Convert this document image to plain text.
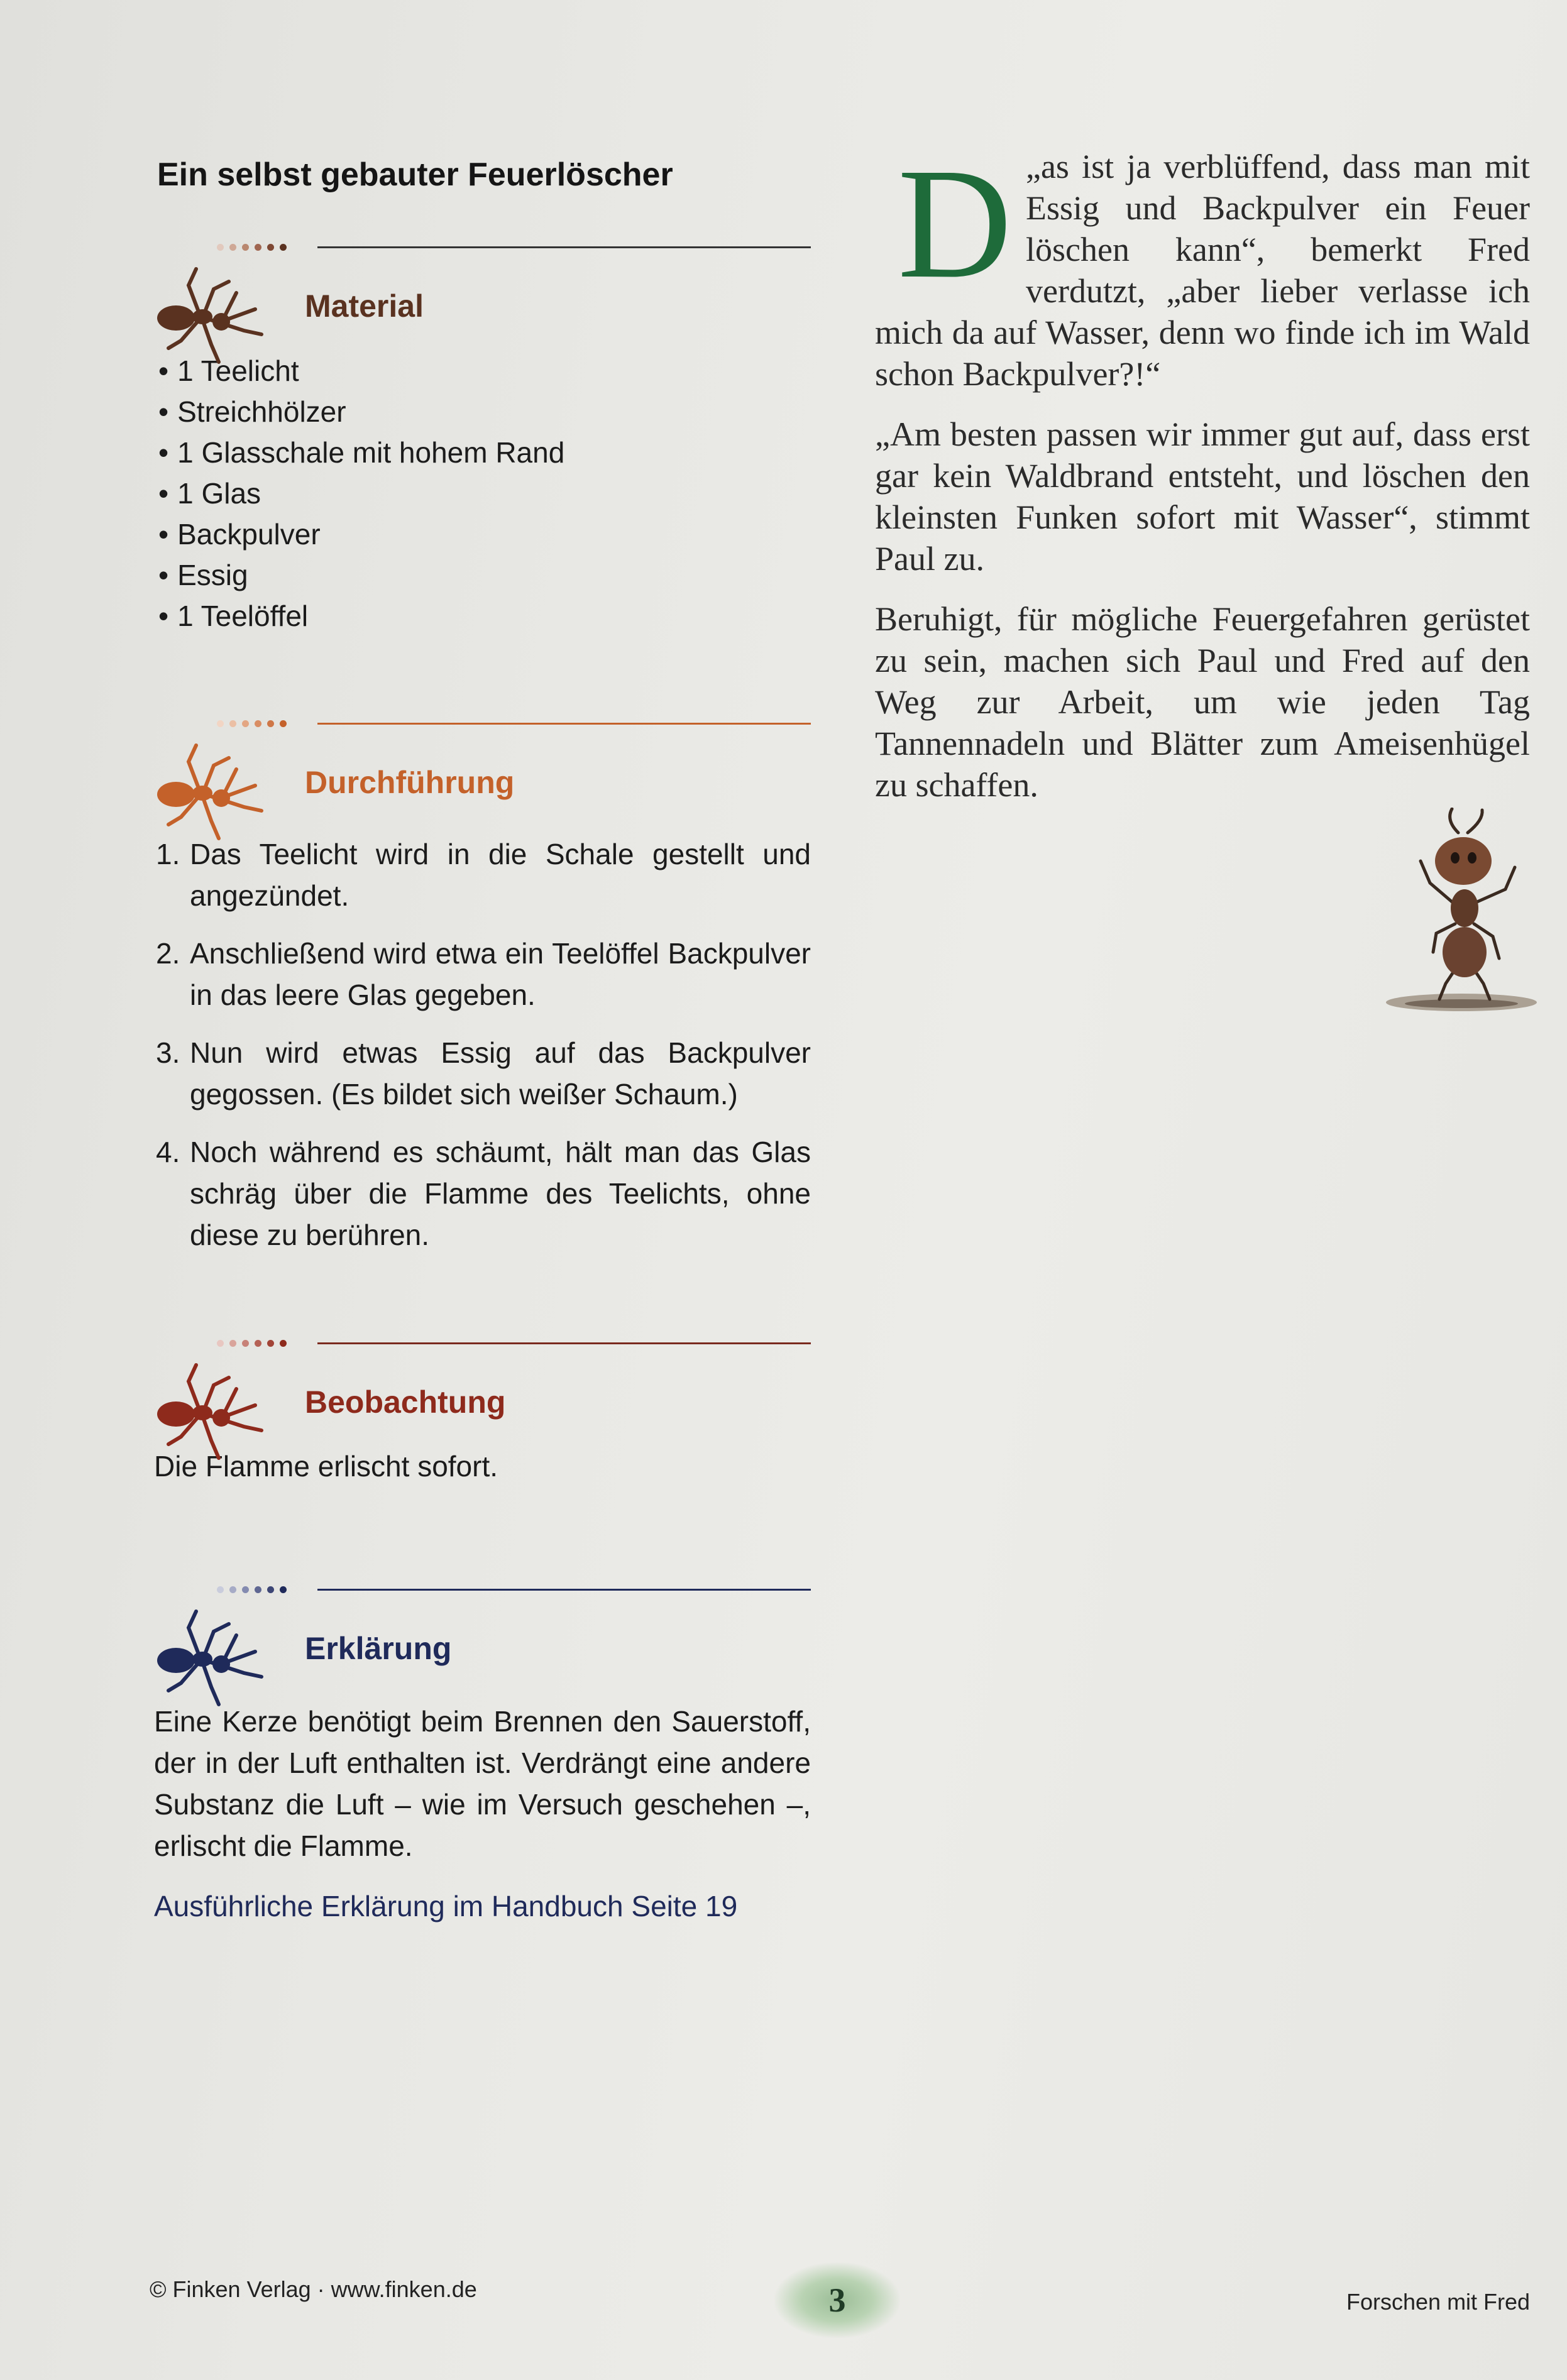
Ein selbst gebauter Feuerlöscher
Material
• 1 Teelicht
• Streichhölzer
• 1 Glasschale mit hohem Rand
• 1 Glas
• Backpulver
• Essig
• 1 Teelöffel
Durchführung
1. Das Teelicht wird in die Schale gestellt und angezündet.
2. Anschließend wird etwa ein Teelöffel Backpulver in das leere Glas gegeben.
3. Nun wird etwas Essig auf das Backpulver gegossen. (Es bildet sich weißer Schaum.)
4. Noch während es schäumt, hält man das Glas schräg über die Flamme des Teelichts, ohne diese zu berühren.
Beobachtung

Die Flamme erlischt sofort.

Erklärung

Eine Kerze benötigt beim Brennen den Sauerstoff, der in der Luft enthalten ist. Verdrängt eine andere Substanz die Luft – wie im Versuch geschehen –, erlischt die Flamme.

Ausführliche Erklärung im Handbuch Seite 19

D „as ist ja verblüffend, dass man mit Essig und Backpulver ein Feuer löschen kann“, bemerkt Fred verdutzt, „aber lieber verlasse ich mich da auf Wasser, denn wo finde ich im Wald schon Backpulver?!“

„Am besten passen wir immer gut auf, dass erst gar kein Waldbrand entsteht, und löschen den kleinsten Funken sofort mit Wasser“, stimmt Paul zu.

Beruhigt, für mögliche Feuergefahren gerüstet zu sein, machen sich Paul und Fred auf den Weg zur Arbeit, um wie jeden Tag Tannennadeln und Blätter zum Ameisenhügel zu schaffen.

© Finken Verlag · www.finken.de	3	Forschen mit Fred
